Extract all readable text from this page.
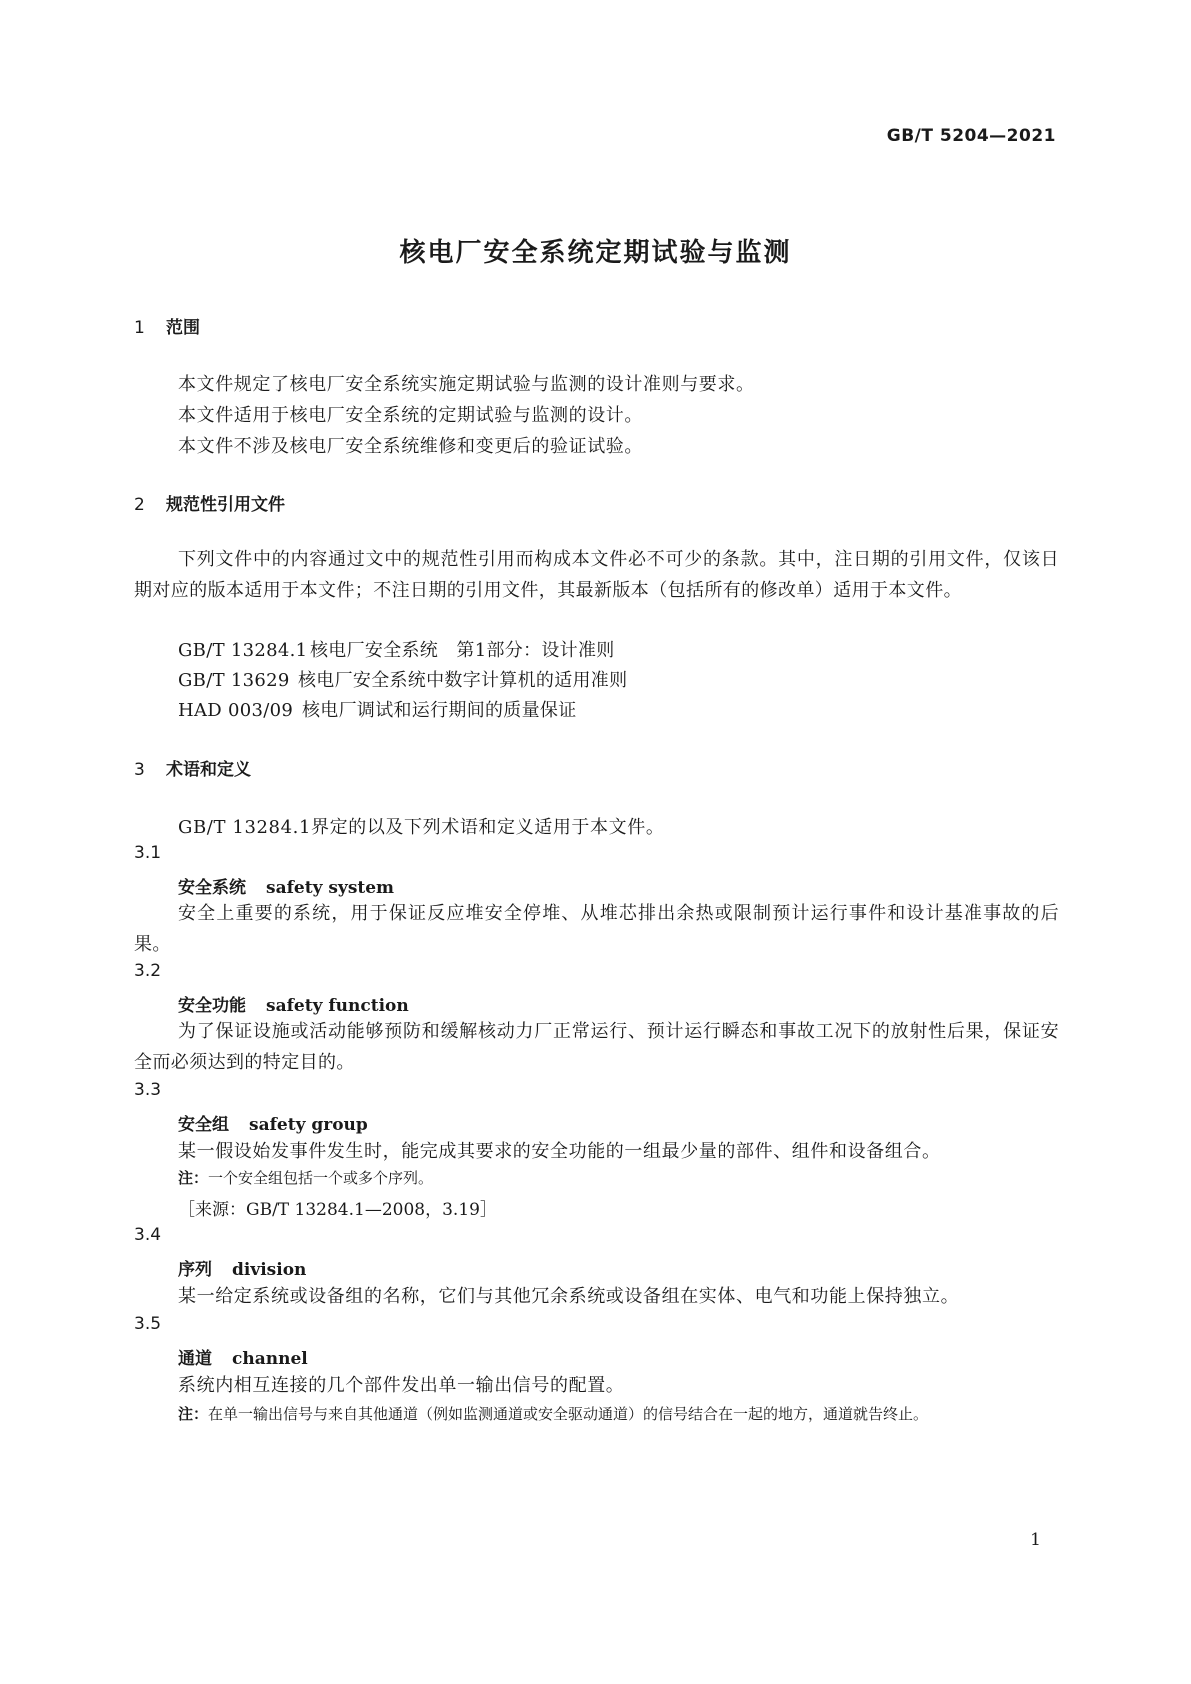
GB/T 5204—2021
核电厂安全系统定期试验与监测
1 范围
本文件规定了核电厂安全系统实施定期试验与监测的设计准则与要求。
本文件适用于核电厂安全系统的定期试验与监测的设计。
本文件不涉及核电厂安全系统维修和变更后的验证试验。
2 规范性引用文件
下列文件中的内容通过文中的规范性引用而构成本文件必不可少的条款。其中，注日期的引用文件，仅该日期对应的版本适用于本文件；不注日期的引用文件，其最新版本（包括所有的修改单）适用于本文件。
GB/T 13284.1 核电厂安全系统　第1部分：设计准则
GB/T 13629 核电厂安全系统中数字计算机的适用准则
HAD 003/09 核电厂调试和运行期间的质量保证
3 术语和定义
GB/T 13284.1界定的以及下列术语和定义适用于本文件。
3.1
安全系统 safety system
安全上重要的系统，用于保证反应堆安全停堆、从堆芯排出余热或限制预计运行事件和设计基准事故的后果。
3.2
安全功能 safety function
为了保证设施或活动能够预防和缓解核动力厂正常运行、预计运行瞬态和事故工况下的放射性后果，保证安全而必须达到的特定目的。
3.3
安全组 safety group
某一假设始发事件发生时，能完成其要求的安全功能的一组最少量的部件、组件和设备组合。
注：一个安全组包括一个或多个序列。
［来源：GB/T 13284.1—2008，3.19］
3.4
序列 division
某一给定系统或设备组的名称，它们与其他冗余系统或设备组在实体、电气和功能上保持独立。
3.5
通道 channel
系统内相互连接的几个部件发出单一输出信号的配置。
注：在单一输出信号与来自其他通道（例如监测通道或安全驱动通道）的信号结合在一起的地方，通道就告终止。
1
